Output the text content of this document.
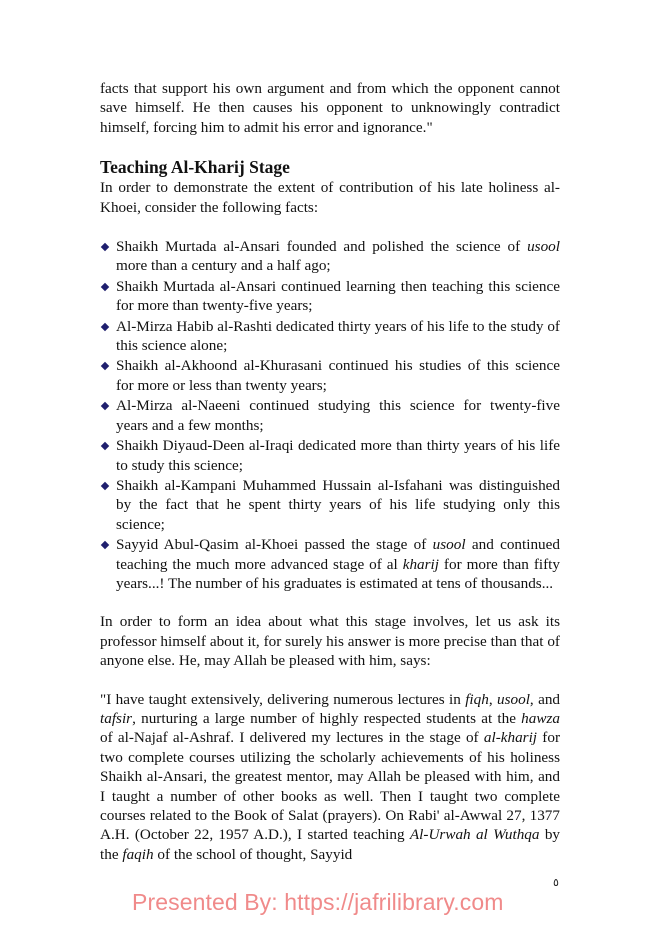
facts that support his own argument and from which the opponent cannot save himself. He then causes his opponent to unknowingly contradict himself, forcing him to admit his error and ignorance."

Teaching Al-Kharij Stage

In order to demonstrate the extent of contribution of his late holiness al-Khoei, consider the following facts:

Shaikh Murtada al-Ansari founded and polished the science of usool more than a century and a half ago;
Shaikh Murtada al-Ansari continued learning then teaching this science for more than twenty-five years;
Al-Mirza Habib al-Rashti dedicated thirty years of his life to the study of this science alone;
Shaikh al-Akhoond al-Khurasani continued his studies of this science for more or less than twenty years;
Al-Mirza al-Naeeni continued studying this science for twenty-five years and a few months;
Shaikh Diyaud-Deen al-Iraqi dedicated more than thirty years of his life to study this science;
Shaikh al-Kampani Muhammed Hussain al-Isfahani was distinguished by the fact that he spent thirty years of his life studying only this science;
Sayyid Abul-Qasim al-Khoei passed the stage of usool and continued teaching the much more advanced stage of al kharij for more than fifty years...! The number of his graduates is estimated at tens of thousands...

In order to form an idea about what this stage involves, let us ask its professor himself about it, for surely his answer is more precise than that of anyone else. He, may Allah be pleased with him, says:

"I have taught extensively, delivering numerous lectures in fiqh, usool, and tafsir, nurturing a large number of highly respected students at the hawza of al-Najaf al-Ashraf. I delivered my lectures in the stage of al-kharij for two complete courses utilizing the scholarly achievements of his holiness Shaikh al-Ansari, the greatest mentor, may Allah be pleased with him, and I taught a number of other books as well. Then I taught two complete courses related to the Book of Salat (prayers). On Rabi' al-Awwal 27, 1377 A.H. (October 22, 1957 A.D.), I started teaching Al-Urwah al Wuthqa by the faqih of the school of thought, Sayyid

٥
Presented By: https://jafrilibrary.com
